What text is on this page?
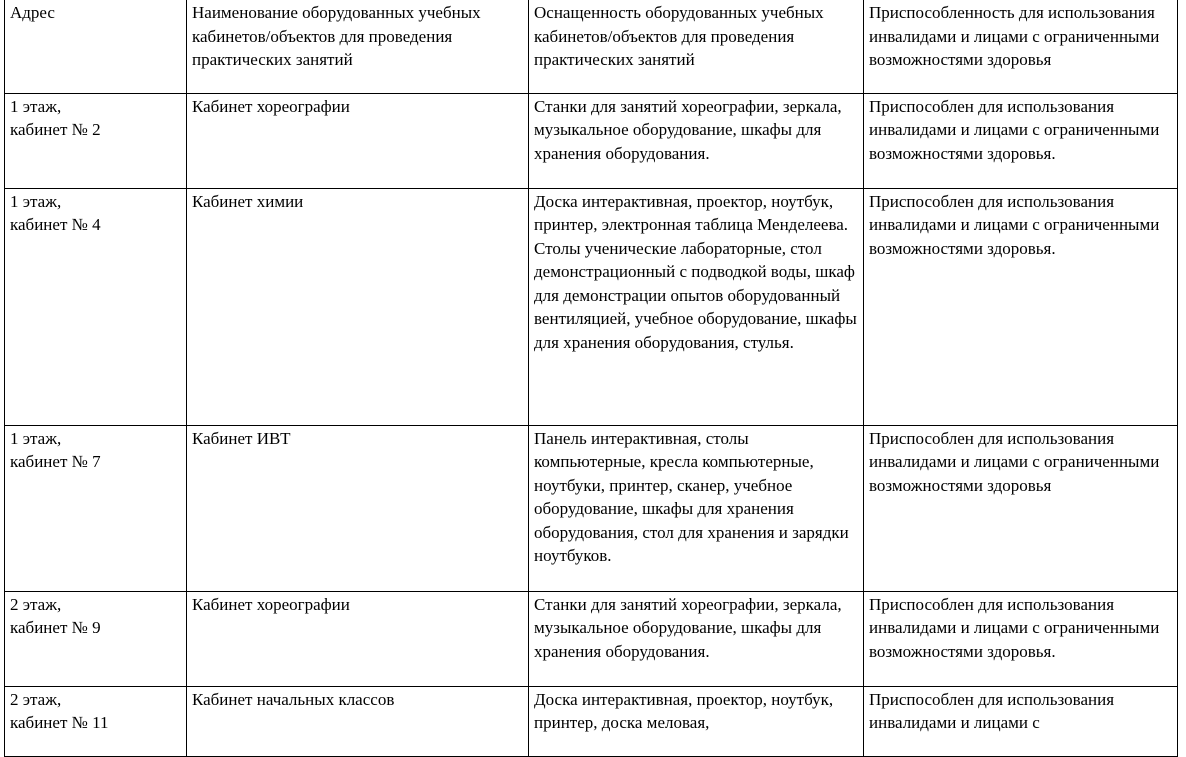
Адрес	Наименование оборудованных учебных кабинетов/объектов для проведения практических занятий	Оснащенность оборудованных учебных кабинетов/объектов для проведения практических занятий	Приспособленность для использования инвалидами и лицами с ограниченными возможностями здоровья
1 этаж,
кабинет № 2	Кабинет хореографии	Станки для занятий хореографии, зеркала, музыкальное оборудование, шкафы для хранения оборудования.	Приспособлен для использования инвалидами и лицами с ограниченными возможностями здоровья.
1 этаж,
кабинет № 4	Кабинет химии	Доска интерактивная, проектор, ноутбук, принтер, электронная таблица Менделеева. Столы ученические лабораторные, стол демонстрационный с подводкой воды, шкаф для демонстрации опытов оборудованный вентиляцией, учебное оборудование, шкафы для хранения оборудования, стулья.	Приспособлен для использования инвалидами и лицами с ограниченными возможностями здоровья.
1 этаж,
кабинет № 7	Кабинет ИВТ	Панель интерактивная, столы компьютерные, кресла компьютерные, ноутбуки, принтер, сканер, учебное оборудование, шкафы для хранения оборудования, стол для хранения и зарядки ноутбуков.	Приспособлен для использования инвалидами и лицами с ограниченными возможностями здоровья
2 этаж,
кабинет № 9	Кабинет хореографии	Станки для занятий хореографии, зеркала, музыкальное оборудование, шкафы для хранения оборудования.	Приспособлен для использования инвалидами и лицами с ограниченными возможностями здоровья.
2 этаж,
кабинет № 11	Кабинет начальных классов	Доска интерактивная, проектор, ноутбук, принтер, доска меловая,	Приспособлен для использования инвалидами и лицами с
